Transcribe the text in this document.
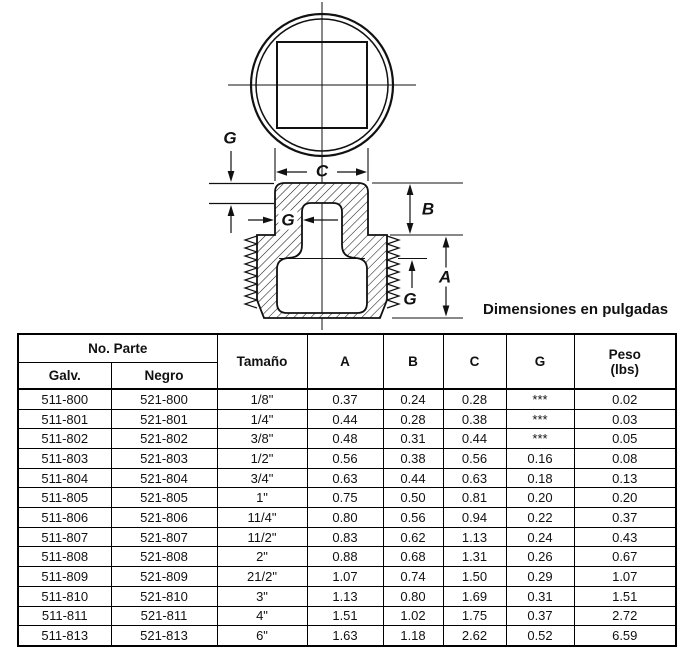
G
C
G
B
A
G
Dimensiones en pulgadas
No. Parte		Tamaño	A	B	C	G	Peso
(lbs)

Galv.	Negro						
511-800	521-800	1/8"	0.37	0.24	0.28	***	0.02
511-801	521-801	1/4"	0.44	0.28	0.38	***	0.03
511-802	521-802	3/8"	0.48	0.31	0.44	***	0.05
511-803	521-803	1/2"	0.56	0.38	0.56	0.16	0.08
511-804	521-804	3/4"	0.63	0.44	0.63	0.18	0.13
511-805	521-805	1"	0.75	0.50	0.81	0.20	0.20
511-806	521-806	11/4"	0.80	0.56	0.94	0.22	0.37
511-807	521-807	11/2"	0.83	0.62	1.13	0.24	0.43
511-808	521-808	2"	0.88	0.68	1.31	0.26	0.67
511-809	521-809	21/2"	1.07	0.74	1.50	0.29	1.07
511-810	521-810	3"	1.13	0.80	1.69	0.31	1.51
511-811	521-811	4"	1.51	1.02	1.75	0.37	2.72
511-813	521-813	6"	1.63	1.18	2.62	0.52	6.59
